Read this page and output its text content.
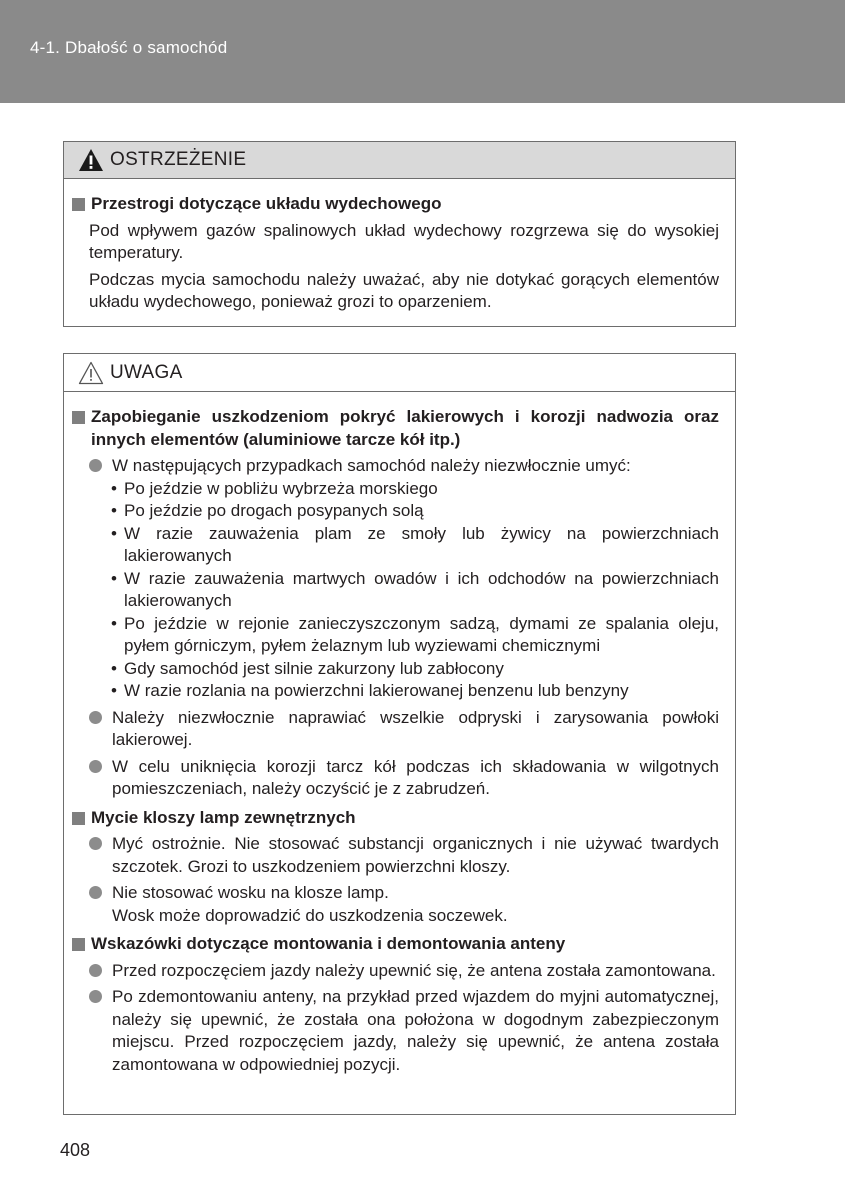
4-1. Dbałość o samochód
OSTRZEŻENIE
Przestrogi dotyczące układu wydechowego
Pod wpływem gazów spalinowych układ wydechowy rozgrzewa się do wysokiej temperatury.
Podczas mycia samochodu należy uważać, aby nie dotykać gorących elementów układu wydechowego, ponieważ grozi to oparzeniem.
UWAGA
Zapobieganie uszkodzeniom pokryć lakierowych i korozji nadwozia oraz innych elementów (aluminiowe tarcze kół itp.)
W następujących przypadkach samochód należy niezwłocznie umyć:
• Po jeździe w pobliżu wybrzeża morskiego
• Po jeździe po drogach posypanych solą
• W razie zauważenia plam ze smoły lub żywicy na powierzchniach lakierowanych
• W razie zauważenia martwych owadów i ich odchodów na powierzchniach lakierowanych
• Po jeździe w rejonie zanieczyszczonym sadzą, dymami ze spalania oleju, pyłem górniczym, pyłem żelaznym lub wyziewami chemicznymi
• Gdy samochód jest silnie zakurzony lub zabłocony
• W razie rozlania na powierzchni lakierowanej benzenu lub benzyny
Należy niezwłocznie naprawiać wszelkie odpryski i zarysowania powłoki lakierowej.
W celu uniknięcia korozji tarcz kół podczas ich składowania w wilgotnych pomieszczeniach, należy oczyścić je z zabrudzeń.
Mycie kloszy lamp zewnętrznych
Myć ostrożnie. Nie stosować substancji organicznych i nie używać twardych szczotek. Grozi to uszkodzeniem powierzchni kloszy.
Nie stosować wosku na klosze lamp.
Wosk może doprowadzić do uszkodzenia soczewek.
Wskazówki dotyczące montowania i demontowania anteny
Przed rozpoczęciem jazdy należy upewnić się, że antena została zamontowana.
Po zdemontowaniu anteny, na przykład przed wjazdem do myjni automatycznej, należy się upewnić, że została ona położona w dogodnym zabezpieczonym miejscu. Przed rozpoczęciem jazdy, należy się upewnić, że antena została zamontowana w odpowiedniej pozycji.
408
